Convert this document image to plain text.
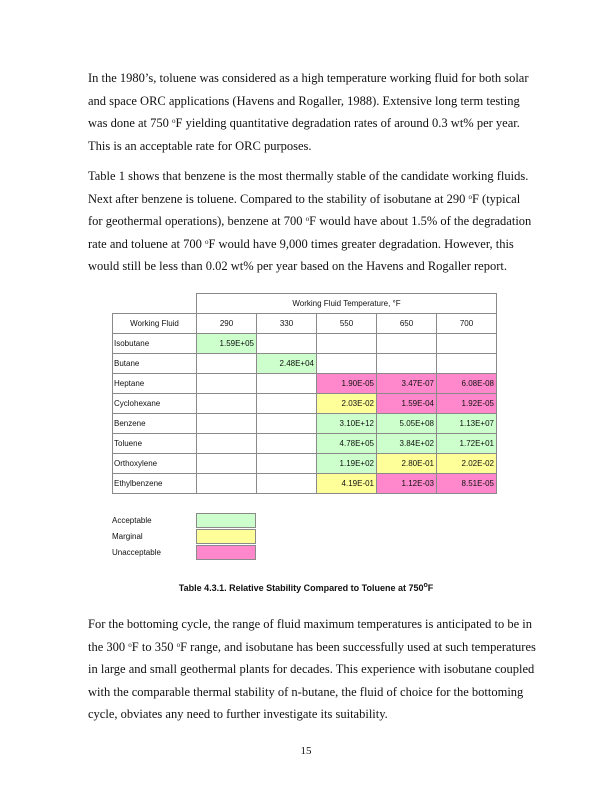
In the 1980’s, toluene was considered as a high temperature working fluid for both solar
and space ORC applications (Havens and Rogaller, 1988). Extensive long term testing
was done at 750 $^o$F yielding quantitative degradation rates of around 0.3 wt% per year.
This is an acceptable rate for ORC purposes.
Table 1 shows that benzene is the most thermally stable of the candidate working fluids.
Next after benzene is toluene. Compared to the stability of isobutane at 290 $^o$F (typical
for geothermal operations), benzene at 700 $^o$F would have about 1.5% of the degradation
rate and toluene at 700 $^o$F would have 9,000 times greater degradation. However, this
would still be less than 0.02 wt% per year based on the Havens and Rogaller report.
	Working Fluid Temperature, °F				
Working Fluid	290	330	550	650	700
Isobutane	1.59E+05				
Butane		2.48E+04			
Heptane			1.90E-05	3.47E-07	6.08E-08
Cyclohexane			2.03E-02	1.59E-04	1.92E-05
Benzene			3.10E+12	5.05E+08	1.13E+07
Toluene			4.78E+05	3.84E+02	1.72E+01
Orthoxylene			1.19E+02	2.80E-01	2.02E-02
Ethylbenzene			4.19E-01	1.12E-03	8.51E-05
Acceptable
Marginal
Unacceptable
Table 4.3.1. Relative Stability Compared to Toluene at 750$^o$F
For the bottoming cycle, the range of fluid maximum temperatures is anticipated to be in
the 300 $^o$F to 350 $^o$F range, and isobutane has been successfully used at such temperatures
in large and small geothermal plants for decades. This experience with isobutane coupled
with the comparable thermal stability of n-butane, the fluid of choice for the bottoming
cycle, obviates any need to further investigate its suitability.
15
